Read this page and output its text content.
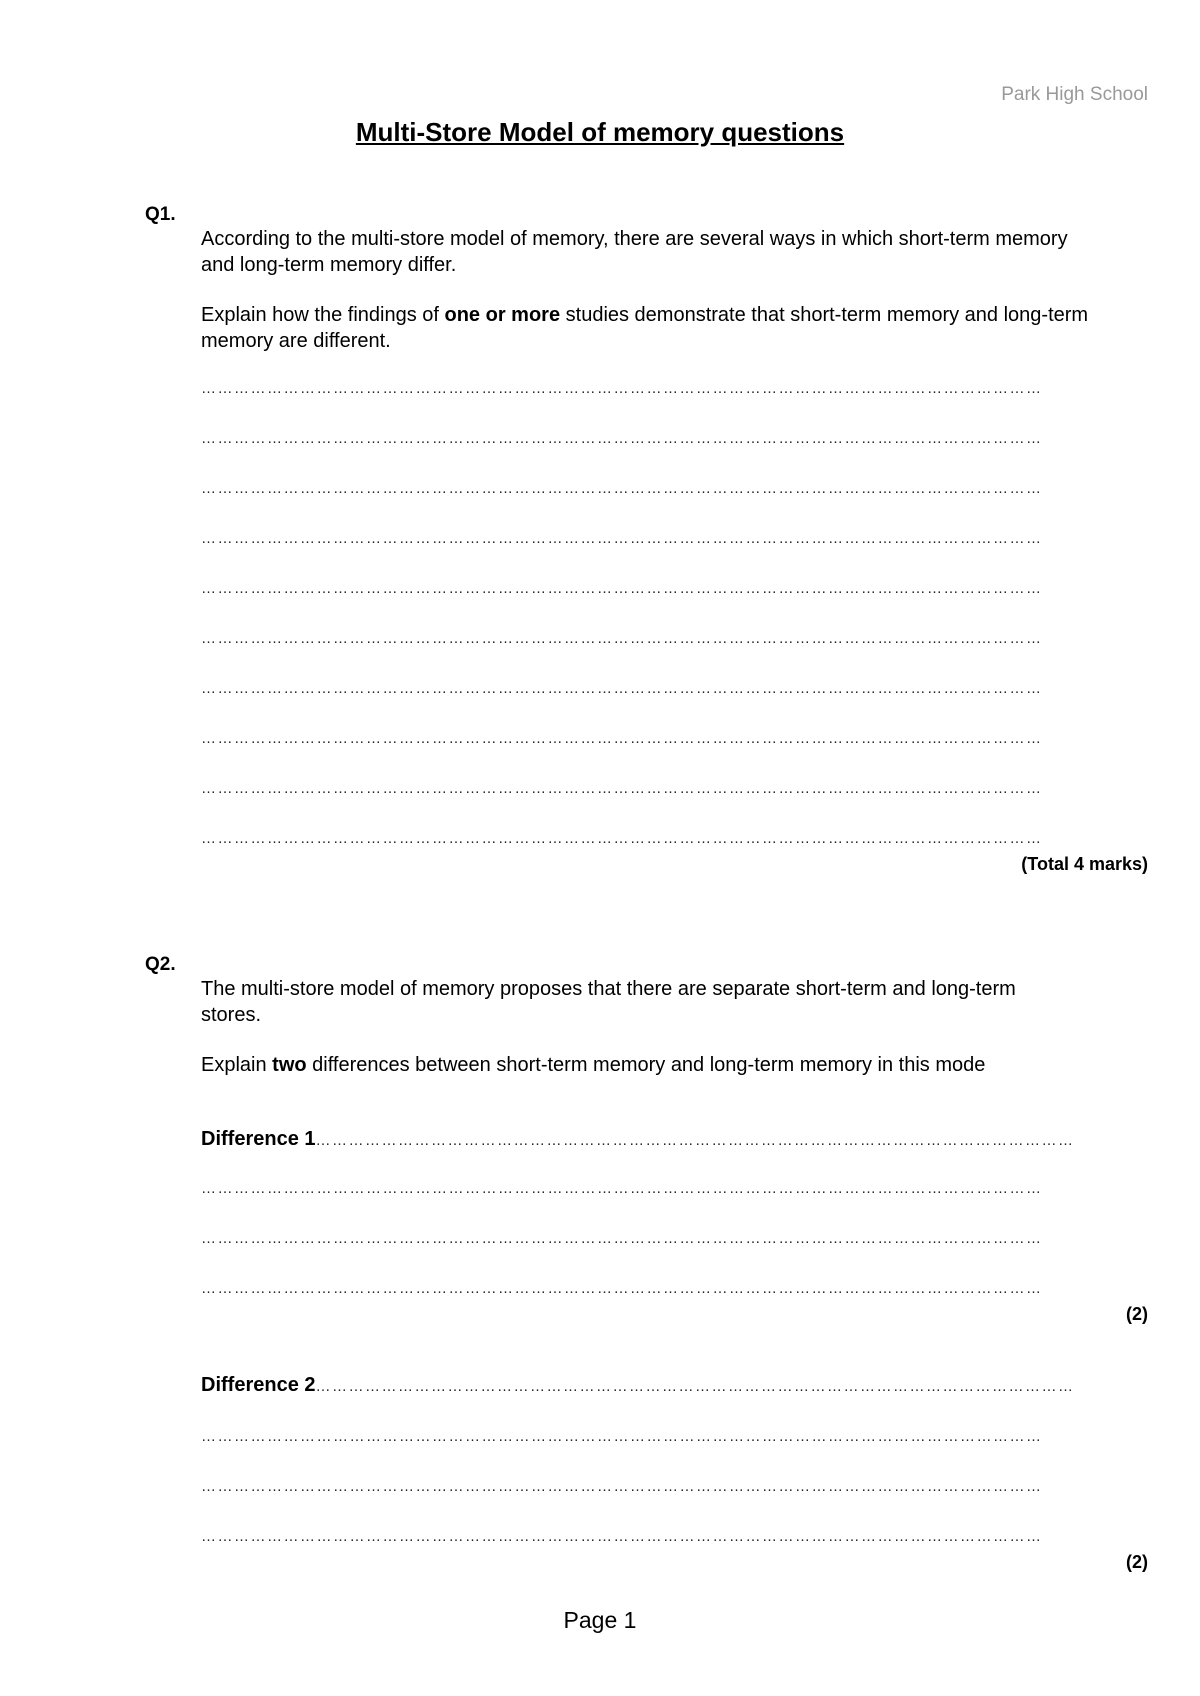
Park High School
Multi-Store Model of memory questions
Q1.
According to the multi-store model of memory, there are several ways in which short-term memory and long-term memory differ.
Explain how the findings of one or more studies demonstrate that short-term memory and long-term memory are different.
………………………………………………………………………………………………………………………………………
………………………………………………………………………………………………………………………………………
………………………………………………………………………………………………………………………………………
………………………………………………………………………………………………………………………………………
………………………………………………………………………………………………………………………………………
………………………………………………………………………………………………………………………………………
………………………………………………………………………………………………………………………………………
………………………………………………………………………………………………………………………………………
………………………………………………………………………………………………………………………………………
………………………………………………………………………………………………………………………………………
(Total 4 marks)
Q2.
The multi-store model of memory proposes that there are separate short-term and long-term stores.
Explain two differences between short-term memory and long-term memory in this mode
Difference 1…………………………………………………………………………………………………………………………
………………………………………………………………………………………………………………………………………
………………………………………………………………………………………………………………………………………
………………………………………………………………………………………………………………………………………
(2)
Difference 2…………………………………………………………………………………………………………………………
………………………………………………………………………………………………………………………………………
………………………………………………………………………………………………………………………………………
………………………………………………………………………………………………………………………………………
(2)
Page 1
